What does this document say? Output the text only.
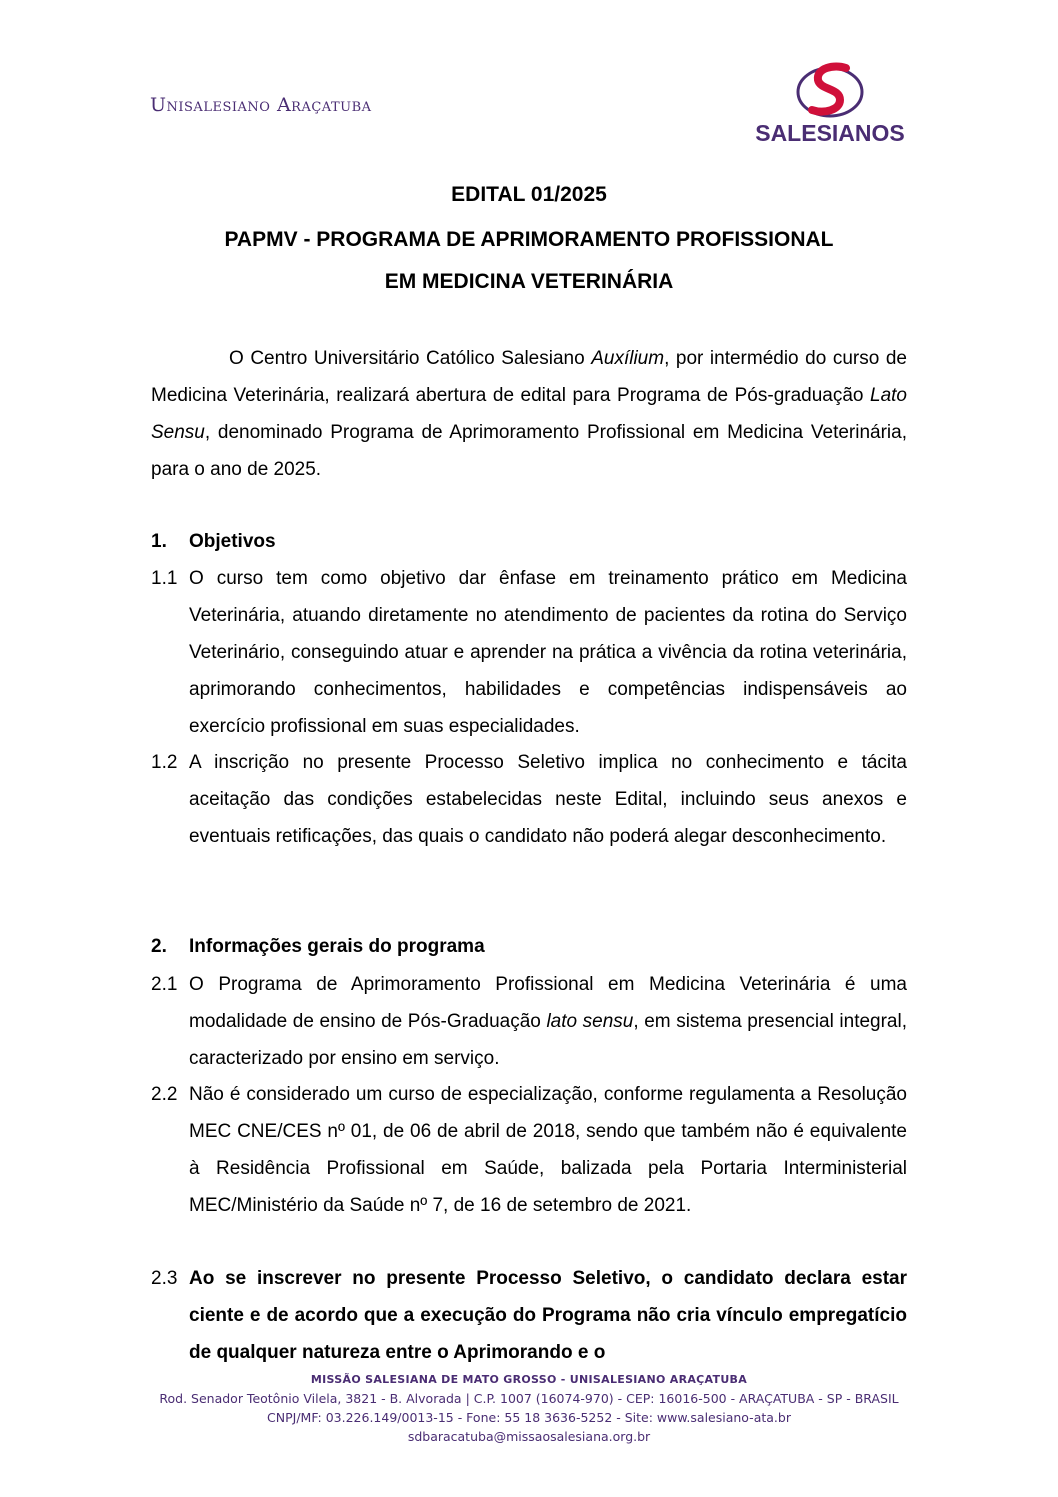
Unisalesiano Araçatuba
SALESIANOS
EDITAL 01/2025
PAPMV - PROGRAMA DE APRIMORAMENTO PROFISSIONAL
EM MEDICINA VETERINÁRIA
O Centro Universitário Católico Salesiano Auxílium, por intermédio do curso de Medicina Veterinária, realizará abertura de edital para Programa de Pós-graduação Lato Sensu, denominado Programa de Aprimoramento Profissional em Medicina Veterinária, para o ano de 2025.
1. Objetivos
1.1 O curso tem como objetivo dar ênfase em treinamento prático em Medicina Veterinária, atuando diretamente no atendimento de pacientes da rotina do Serviço Veterinário, conseguindo atuar e aprender na prática a vivência da rotina veterinária, aprimorando conhecimentos, habilidades e competências indispensáveis ao exercício profissional em suas especialidades.
1.2 A inscrição no presente Processo Seletivo implica no conhecimento e tácita aceitação das condições estabelecidas neste Edital, incluindo seus anexos e eventuais retificações, das quais o candidato não poderá alegar desconhecimento.
2. Informações gerais do programa
2.1 O Programa de Aprimoramento Profissional em Medicina Veterinária é uma modalidade de ensino de Pós-Graduação lato sensu, em sistema presencial integral, caracterizado por ensino em serviço.
2.2 Não é considerado um curso de especialização, conforme regulamenta a Resolução MEC CNE/CES nº 01, de 06 de abril de 2018, sendo que também não é equivalente à Residência Profissional em Saúde, balizada pela Portaria Interministerial MEC/Ministério da Saúde nº 7, de 16 de setembro de 2021.
2.3 Ao se inscrever no presente Processo Seletivo, o candidato declara estar ciente e de acordo que a execução do Programa não cria vínculo empregatício de qualquer natureza entre o Aprimorando e o
MISSÃO SALESIANA DE MATO GROSSO - UNISALESIANO ARAÇATUBA
Rod. Senador Teotônio Vilela, 3821 - B. Alvorada | C.P. 1007 (16074-970) - CEP: 16016-500 - ARAÇATUBA - SP - BRASIL
CNPJ/MF: 03.226.149/0013-15 - Fone: 55 18 3636-5252 - Site: www.salesiano-ata.br
sdbaracatuba@missaosalesiana.org.br
